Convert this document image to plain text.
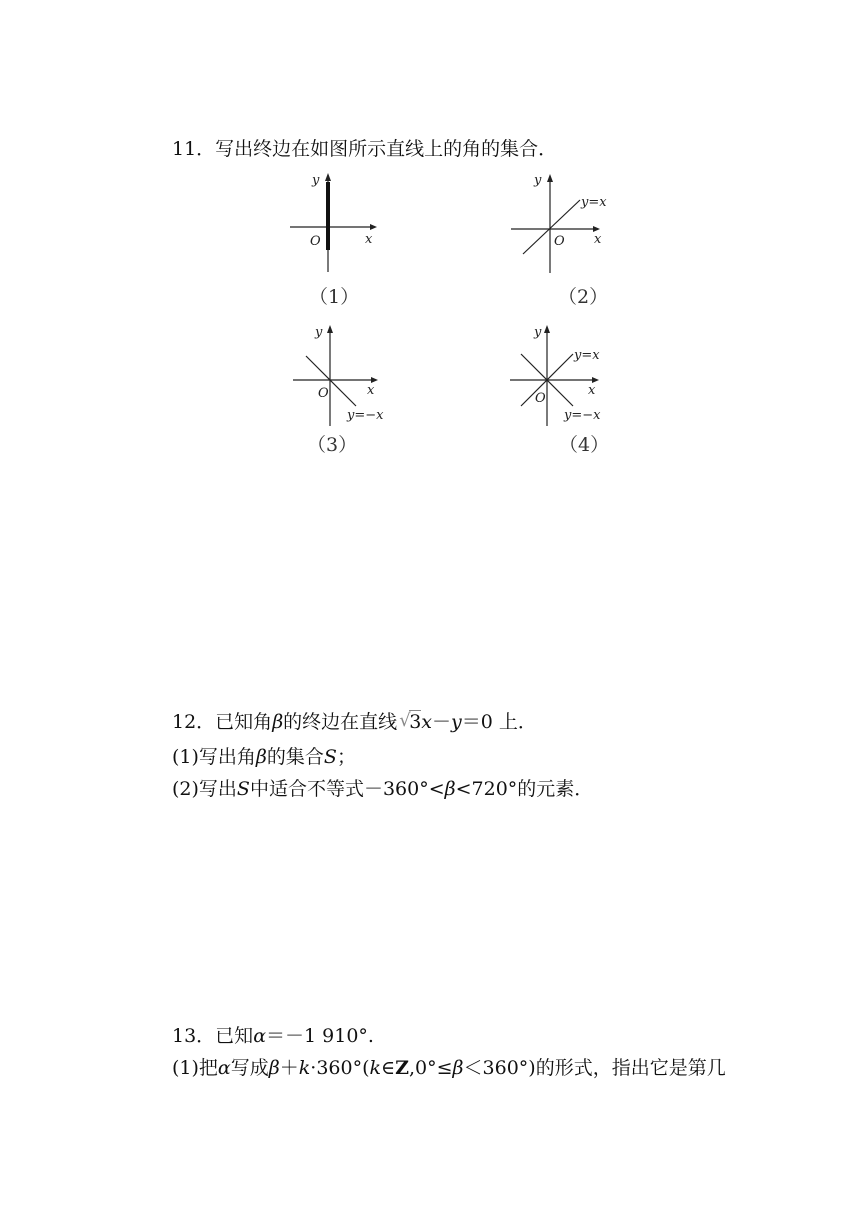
11．写出终边在如图所示直线上的角的集合．
y
x
O
（1）
y
x
O
y=x
（2）
y
x
O
y=−x
（3）
y
x
O
y=x
y=−x
（4）
12．已知角β的终边在直线 √
3x－y＝0 上．
(1)写出角β的集合S；
(2)写出S中适合不等式－360°<β<720°的元素．
13．已知α＝－1 910°.
(1)把α写成β＋k·360°(k∈Z,0°≤β＜360°)的形式，指出它是第几
